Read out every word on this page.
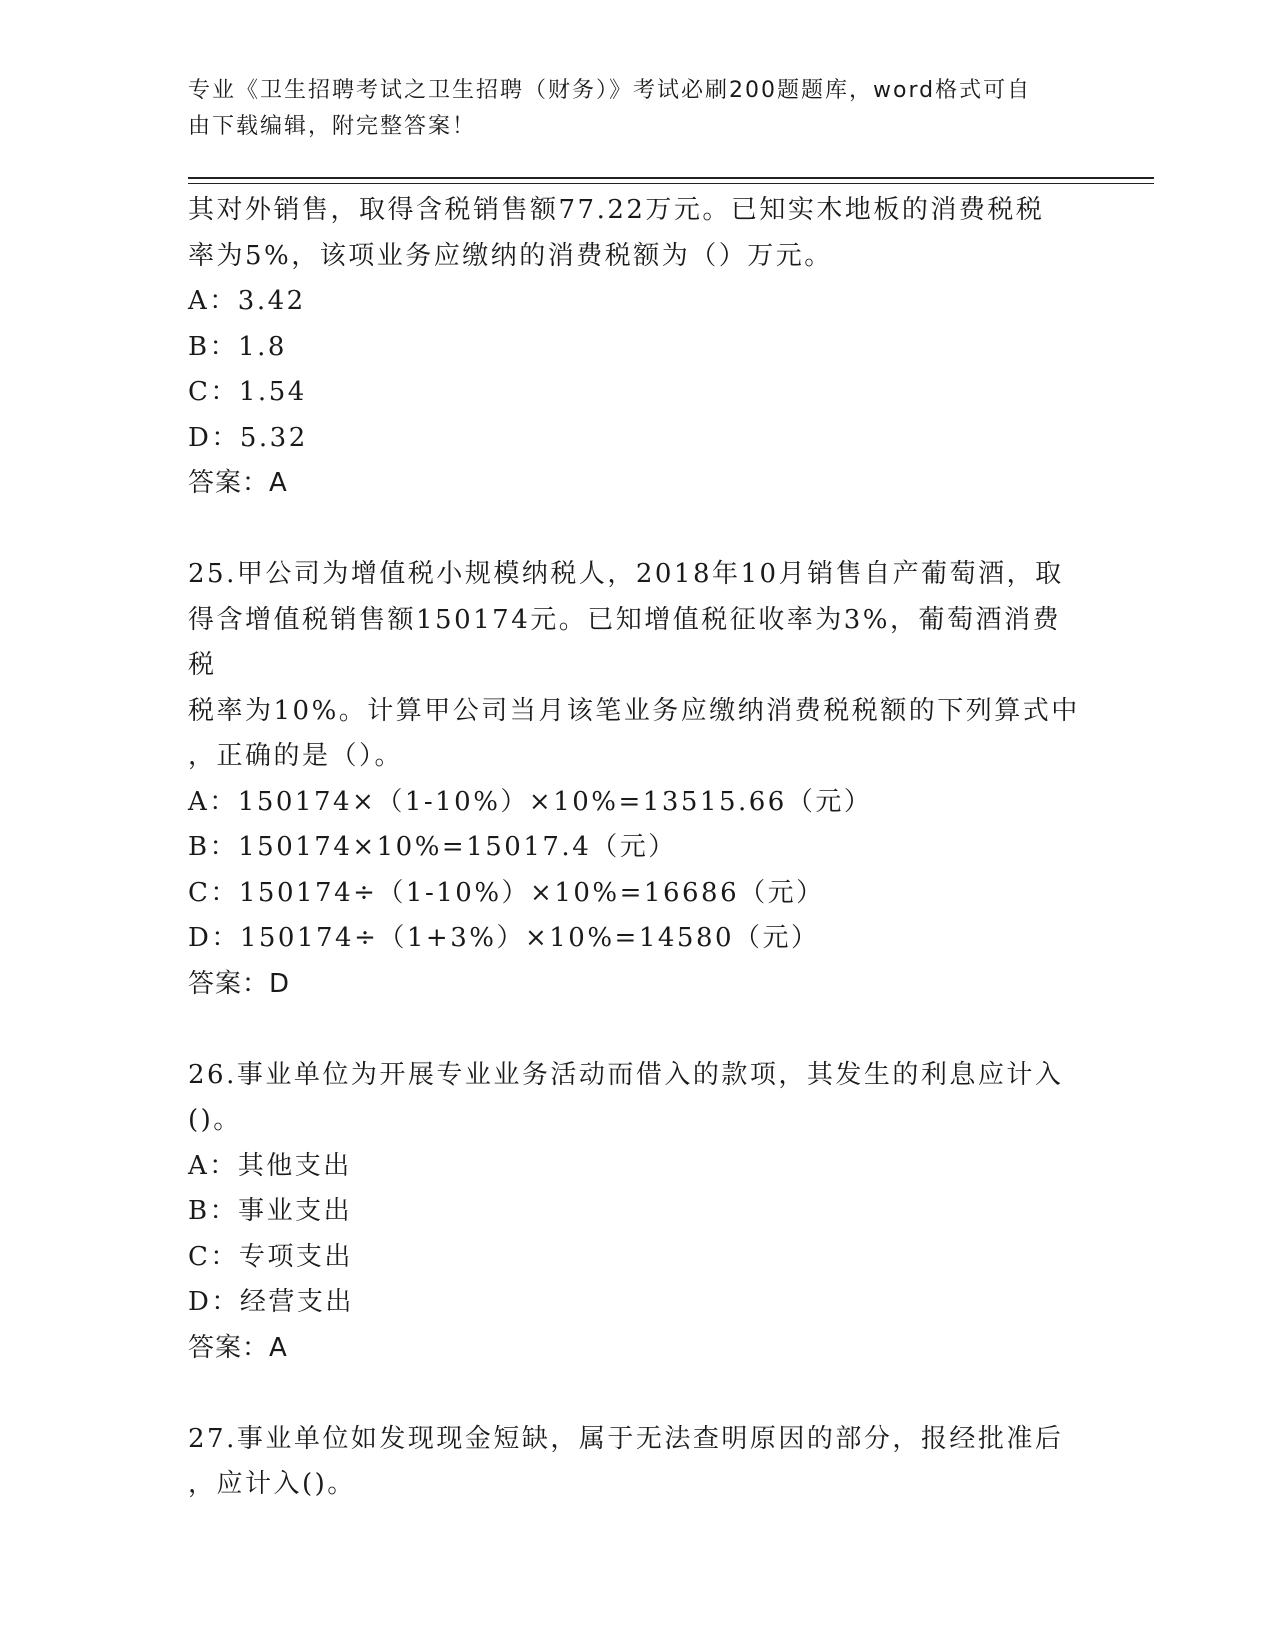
专业《卫生招聘考试之卫生招聘（财务）》考试必刷200题题库，word格式可自
由下载编辑，附完整答案！

其对外销售，取得含税销售额77.22万元。已知实木地板的消费税税

率为5%，该项业务应缴纳的消费税额为（）万元。

A：3.42

B：1.8

C：1.54

D：5.32

答案：A

25.甲公司为增值税小规模纳税人，2018年10月销售自产葡萄酒，取

得含增值税销售额150174元。已知增值税征收率为3%，葡萄酒消费税

税率为10%。计算甲公司当月该笔业务应缴纳消费税税额的下列算式中

，正确的是（）。

A：150174×（1-10%）×10%=13515.66（元）

B：150174×10%=15017.4（元）

C：150174÷（1-10%）×10%=16686（元）

D：150174÷（1+3%）×10%=14580（元）

答案：D

26.事业单位为开展专业业务活动而借入的款项，其发生的利息应计入

()。

A：其他支出

B：事业支出

C：专项支出

D：经营支出

答案：A

27.事业单位如发现现金短缺，属于无法查明原因的部分，报经批准后

，应计入()。
